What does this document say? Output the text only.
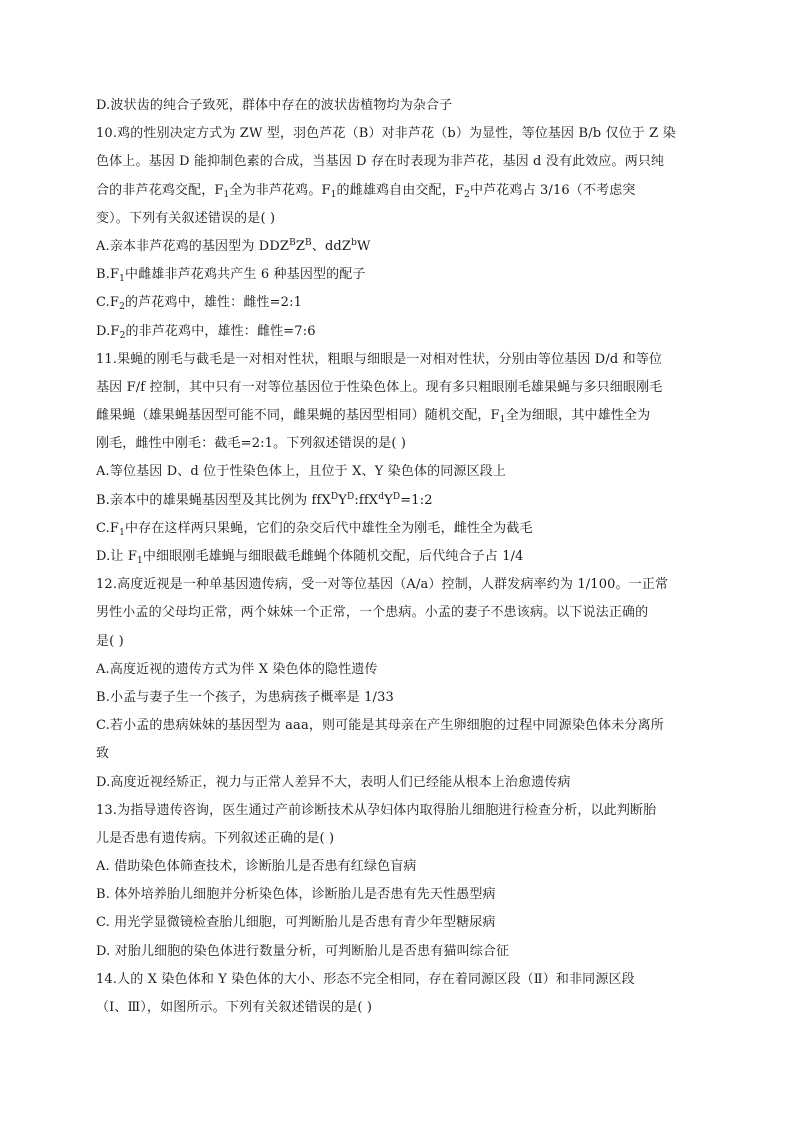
D.波状齿的纯合子致死，群体中存在的波状齿植物均为杂合子
10.鸡的性别决定方式为 ZW 型，羽色芦花（B）对非芦花（b）为显性，等位基因 B/b 仅位于 Z 染
色体上。基因 D 能抑制色素的合成，当基因 D 存在时表现为非芦花，基因 d 没有此效应。两只纯
合的非芦花鸡交配，$F_1$全为非芦花鸡。$F_1$的雌雄鸡自由交配，$F_2$中芦花鸡占 3/16（不考虑突
变）。下列有关叙述错误的是( )
A.亲本非芦花鸡的基因型为 $DDZ^BZ^B$、ddZ$^b$W
$B.F_1$中雌雄非芦花鸡共产生 6 种基因型的配子
$C.F_2$的芦花鸡中，雄性：雌性=2:1
$D.F_2$的非芦花鸡中，雄性：雌性=7:6
11.果蝇的刚毛与截毛是一对相对性状，粗眼与细眼是一对相对性状，分别由等位基因 D/d 和等位
基因 F/f 控制，其中只有一对等位基因位于性染色体上。现有多只粗眼刚毛雄果蝇与多只细眼刚毛
雌果蝇（雄果蝇基因型可能不同，雌果蝇的基因型相同）随机交配，$F_1$全为细眼，其中雄性全为
刚毛，雌性中刚毛：截毛=2:1。下列叙述错误的是( )
A.等位基因 D、d 位于性染色体上，且位于 X、Y 染色体的同源区段上
B.亲本中的雄果蝇基因型及其比例为 $ffX^DY^D:ffX^dY^D=1:2$
$C.F_1$中存在这样两只果蝇，它们的杂交后代中雄性全为刚毛，雌性全为截毛
D.让 $F_1$中细眼刚毛雄蝇与细眼截毛雌蝇个体随机交配，后代纯合子占 1/4
12.高度近视是一种单基因遗传病，受一对等位基因（A/a）控制，人群发病率约为 1/100。一正常
男性小孟的父母均正常，两个妹妹一个正常，一个患病。小孟的妻子不患该病。以下说法正确的
是( )
A.高度近视的遗传方式为伴 X 染色体的隐性遗传
B.小孟与妻子生一个孩子，为患病孩子概率是 1/33
C.若小孟的患病妹妹的基因型为 aaa，则可能是其母亲在产生卵细胞的过程中同源染色体未分离所
致
D.高度近视经矫正，视力与正常人差异不大，表明人们已经能从根本上治愈遗传病
13.为指导遗传咨询，医生通过产前诊断技术从孕妇体内取得胎儿细胞进行检查分析，以此判断胎
儿是否患有遗传病。下列叙述正确的是( )
A. 借助染色体筛查技术，诊断胎儿是否患有红绿色盲病
B. 体外培养胎儿细胞并分析染色体，诊断胎儿是否患有先天性愚型病
C. 用光学显微镜检查胎儿细胞，可判断胎儿是否患有青少年型糖尿病
D. 对胎儿细胞的染色体进行数量分析，可判断胎儿是否患有猫叫综合征
14.人的 X 染色体和 Y 染色体的大小、形态不完全相同，存在着同源区段（Ⅱ）和非同源区段
（Ⅰ、Ⅲ），如图所示。下列有关叙述错误的是( )
